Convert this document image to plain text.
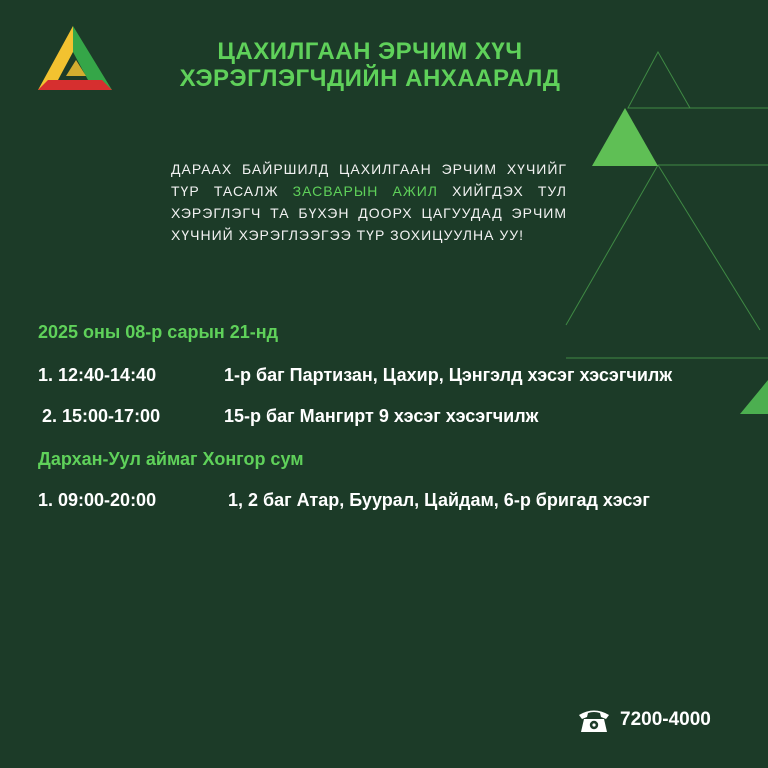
ЦАХИЛГААН ЭРЧИМ ХҮЧ
ХЭРЭГЛЭГЧДИЙН АНХААРАЛД
ДАРААХ БАЙРШИЛД ЦАХИЛГААН ЭРЧИМ ХҮЧИЙГ ТҮР ТАСАЛЖ ЗАСВАРЫН АЖИЛ ХИЙГДЭХ ТУЛ ХЭРЭГЛЭГЧ ТА БҮХЭН ДООРХ ЦАГУУДАД ЭРЧИМ ХҮЧНИЙ ХЭРЭГЛЭЭГЭЭ ТҮР ЗОХИЦУУЛНА УУ!
2025 оны 08-р сарын 21-нд
1. 12:40-14:40	1-р баг Партизан, Цахир, Цэнгэлд хэсэг хэсэгчилж
2. 15:00-17:00	15-р баг Мангирт 9 хэсэг хэсэгчилж
Дархан-Уул аймаг Хонгор сум
1. 09:00-20:00	1, 2 баг Атар, Буурал, Цайдам, 6-р бригад хэсэг
7200-4000
